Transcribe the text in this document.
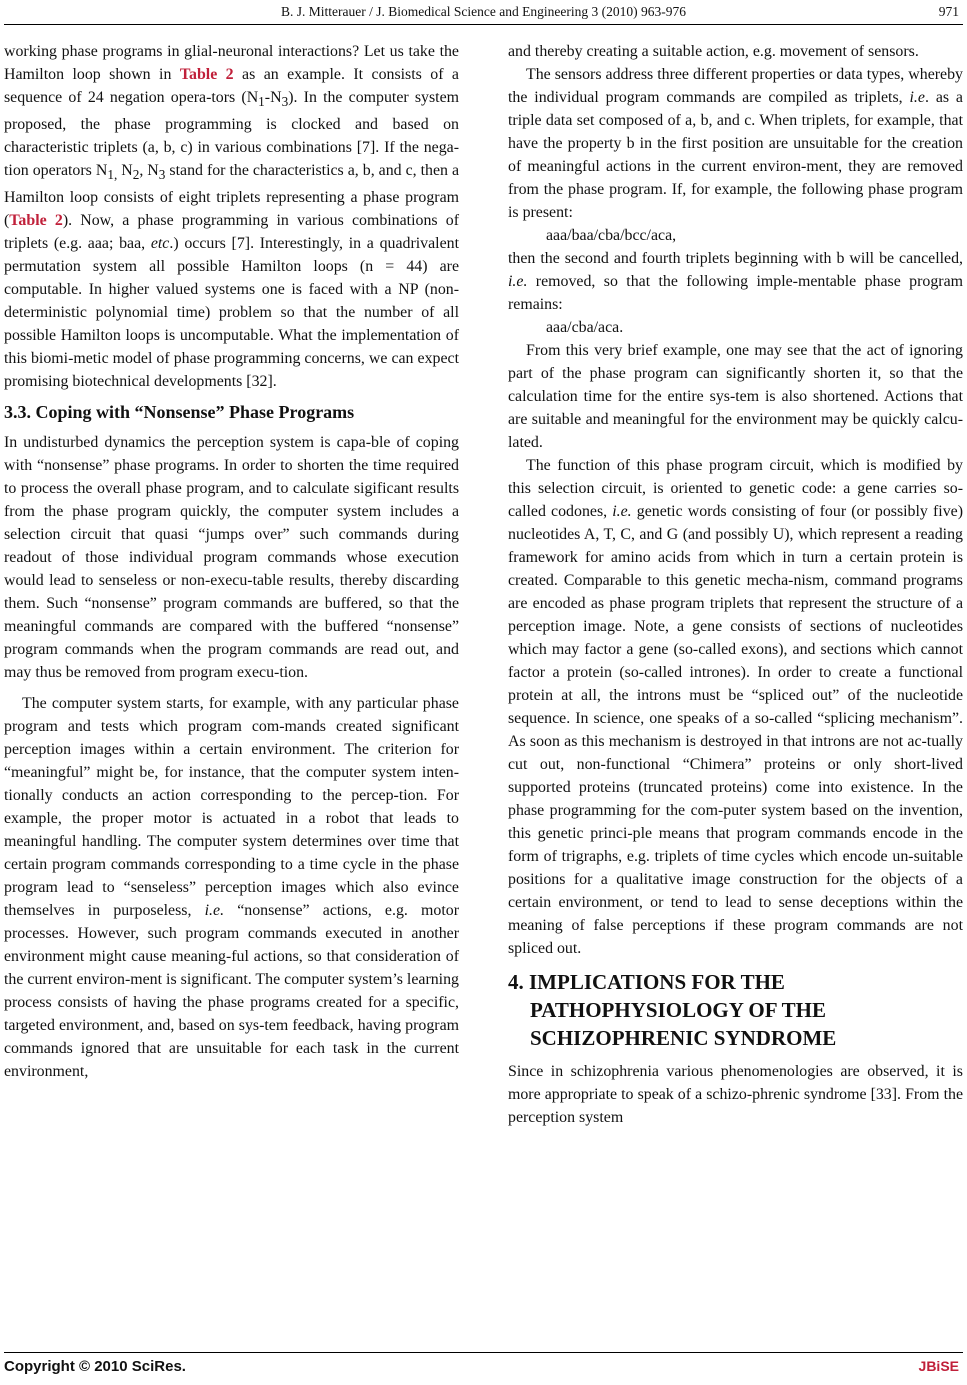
B. J. Mitterauer / J. Biomedical Science and Engineering 3 (2010) 963-976	971

working phase programs in glial-neuronal interactions? Let us take the Hamilton loop shown in Table 2 as an example. It consists of a sequence of 24 negation opera-tors $(N_1-N_3)$. In the computer system proposed, the phase programming is clocked and based on characteristic triplets (a, b, c) in various combinations [7]. If the nega-tion operators $N_{1,}$ $N_2$, $N_3$ stand for the characteristics a, b, and c, then a Hamilton loop consists of eight triplets representing a phase program (Table 2). Now, a phase programming in various combinations of triplets (e.g. aaa; baa, etc.) occurs [7]. Interestingly, in a quadrivalent permutation system all possible Hamilton loops (n = 44) are computable. In higher valued systems one is faced with a NP (non-deterministic polynomial time) problem so that the number of all possible Hamilton loops is uncomputable. What the implementation of this biomi-metic model of phase programming concerns, we can expect promising biotechnical developments [32].

3.3. Coping with “Nonsense” Phase Programs

In undisturbed dynamics the perception system is capa-ble of coping with “nonsense” phase programs. In order to shorten the time required to process the overall phase program, and to calculate sigificant results from the phase program quickly, the computer system includes a selection circuit that quasi “jumps over” such commands during readout of those individual program commands whose execution would lead to senseless or non-execu-table results, thereby discarding them. Such “nonsense” program commands are buffered, so that the meaningful commands are compared with the buffered “nonsense” program commands when the program commands are read out, and may thus be removed from program execu-tion.

The computer system starts, for example, with any particular phase program and tests which program com-mands created significant perception images within a certain environment. The criterion for “meaningful” might be, for instance, that the computer system inten-tionally conducts an action corresponding to the percep-tion. For example, the proper motor is actuated in a robot that leads to meaningful handling. The computer system determines over time that certain program commands corresponding to a time cycle in the phase program lead to “senseless” perception images which also evince themselves in purposeless, i.e. “nonsense” actions, e.g. motor processes. However, such program commands executed in another environment might cause meaning-ful actions, so that consideration of the current environ-ment is significant. The computer system’s learning process consists of having the phase programs created for a specific, targeted environment, and, based on sys-tem feedback, having program commands ignored that are unsuitable for each task in the current environment,

and thereby creating a suitable action, e.g. movement of sensors.

The sensors address three different properties or data types, whereby the individual program commands are compiled as triplets, i.e. as a triple data set composed of a, b, and c. When triplets, for example, that have the property b in the first position are unsuitable for the creation of meaningful actions in the current environ-ment, they are removed from the phase program. If, for example, the following phase program is present:

aaa/baa/cba/bcc/aca,

then the second and fourth triplets beginning with b will be cancelled, i.e. removed, so that the following imple-mentable phase program remains:

aaa/cba/aca.

From this very brief example, one may see that the act of ignoring part of the phase program can significantly shorten it, so that the calculation time for the entire sys-tem is also shortened. Actions that are suitable and meaningful for the environment may be quickly calcu-lated.

The function of this phase program circuit, which is modified by this selection circuit, is oriented to genetic code: a gene carries so-called codones, i.e. genetic words consisting of four (or possibly five) nucleotides A, T, C, and G (and possibly U), which represent a reading framework for amino acids from which in turn a certain protein is created. Comparable to this genetic mecha-nism, command programs are encoded as phase program triplets that represent the structure of a perception image. Note, a gene consists of sections of nucleotides which may factor a gene (so-called exons), and sections which cannot factor a protein (so-called intrones). In order to create a functional protein at all, the introns must be “spliced out” of the nucleotide sequence. In science, one speaks of a so-called “splicing mechanism”. As soon as this mechanism is destroyed in that introns are not ac-tually cut out, non-functional “Chimera” proteins or only short-lived supported proteins (truncated proteins) come into existence. In the phase programming for the com-puter system based on the invention, this genetic princi-ple means that program commands encode in the form of trigraphs, e.g. triplets of time cycles which encode un-suitable positions for a qualitative image construction for the objects of a certain environment, or tend to lead to sense deceptions within the meaning of false perceptions if these program commands are not spliced out.

4. IMPLICATIONS FOR THE
PATHOPHYSIOLOGY OF THE
SCHIZOPHRENIC SYNDROME

Since in schizophrenia various phenomenologies are observed, it is more appropriate to speak of a schizo-phrenic syndrome [33]. From the perception system

Copyright © 2010 SciRes.	JBiSE
